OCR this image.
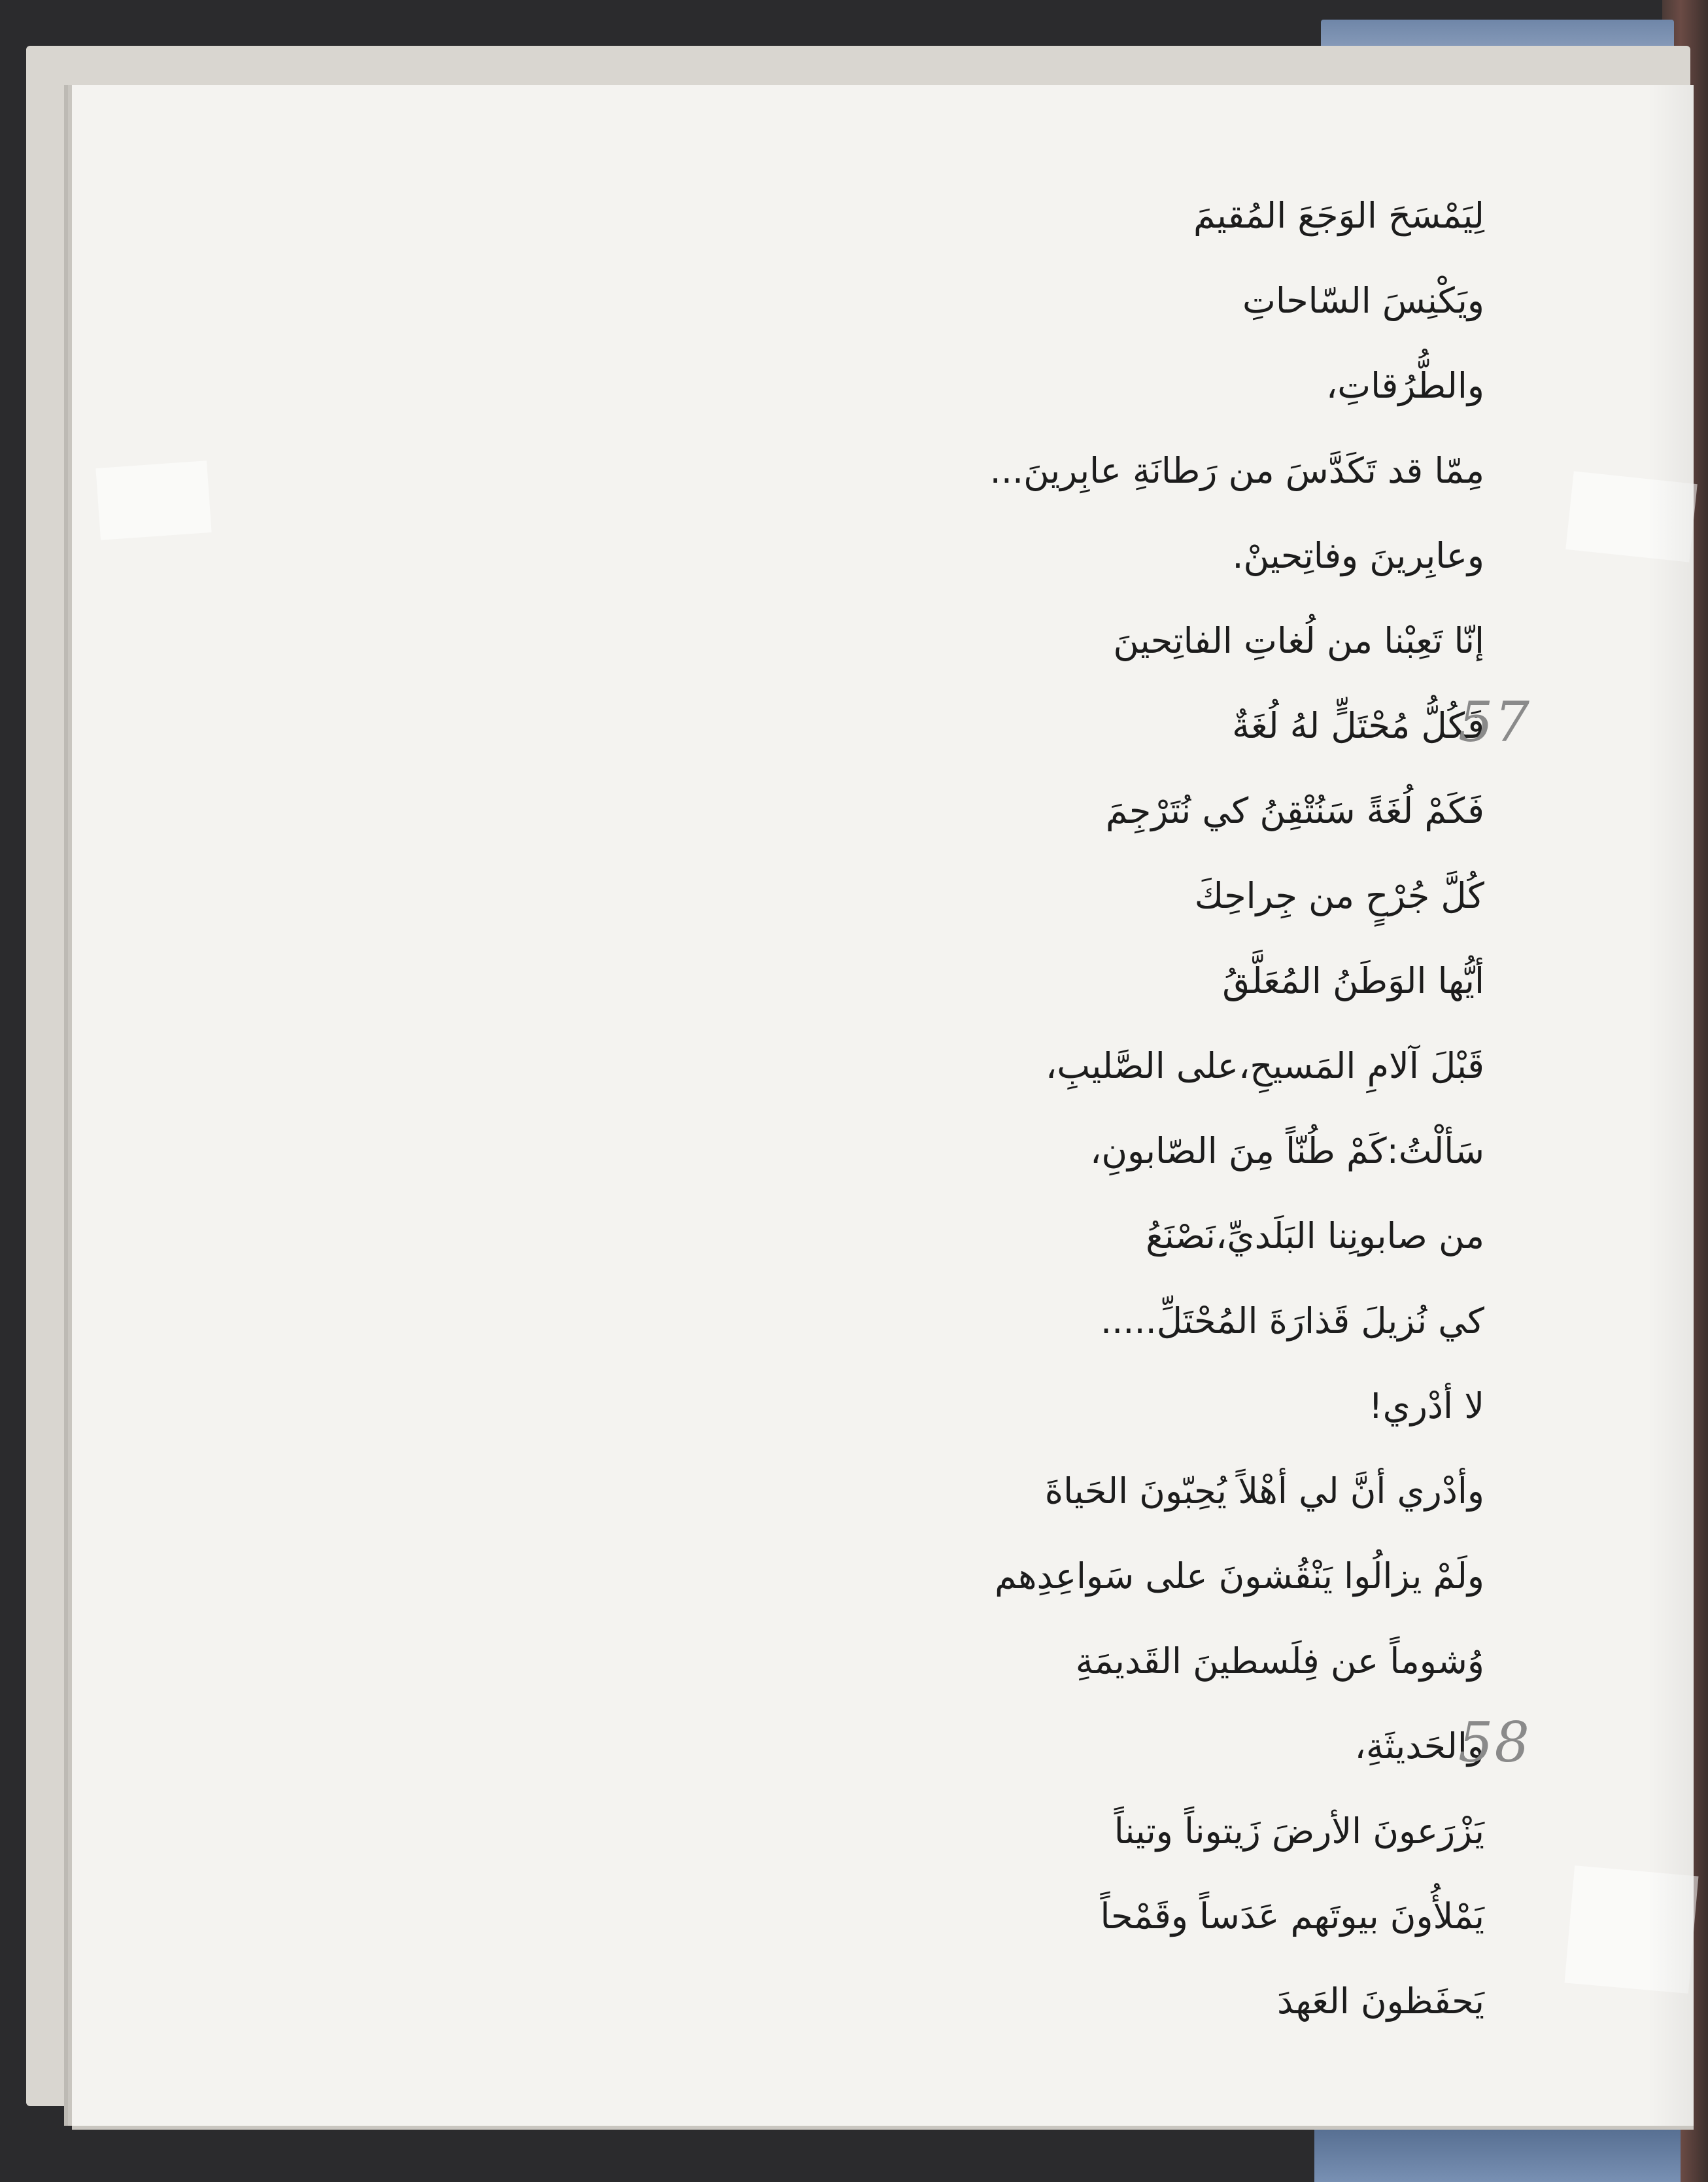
لِيَمْسَحَ الوَجَعَ المُقيمَ
ويَكْنِسَ السّاحاتِ
والطُّرُقاتِ،
مِمّا قد تَكَدَّسَ من رَطانَةِ عابِرينَ...
وعابِرينَ وفاتِحينْ.
إنّا تَعِبْنا من لُغاتِ الفاتِحينَ
فَكُلُّ مُحْتَلٍّ لهُ لُغَةٌ
فَكَمْ لُغَةً سَنُتْقِنُ كي نُتَرْجِمَ
كُلَّ جُرْحٍ من جِراحِكَ
أيُّها الوَطَنُ المُعَلَّقُ
قَبْلَ آلامِ المَسيحِ،على الصَّليبِ،
سَألْتُ:كَمْ طُنّاً مِنَ الصّابونِ،
من صابونِنا البَلَديِّ،نَصْنَعُ
كي نُزيلَ قَذارَةَ المُحْتَلِّ.....
لا أدْري!
وأدْري أنَّ لي أهْلاً يُحِبّونَ الحَياةَ
ولَمْ يزالُوا يَنْقُشونَ على سَواعِدِهم
وُشوماً عن فِلَسطينَ القَديمَةِ
والحَديثَةِ،
يَزْرَعونَ الأرضَ زَيتوناً وتيناً
يَمْلأُونَ بيوتَهم عَدَساً وقَمْحاً
يَحفَظونَ العَهدَ
57
58
